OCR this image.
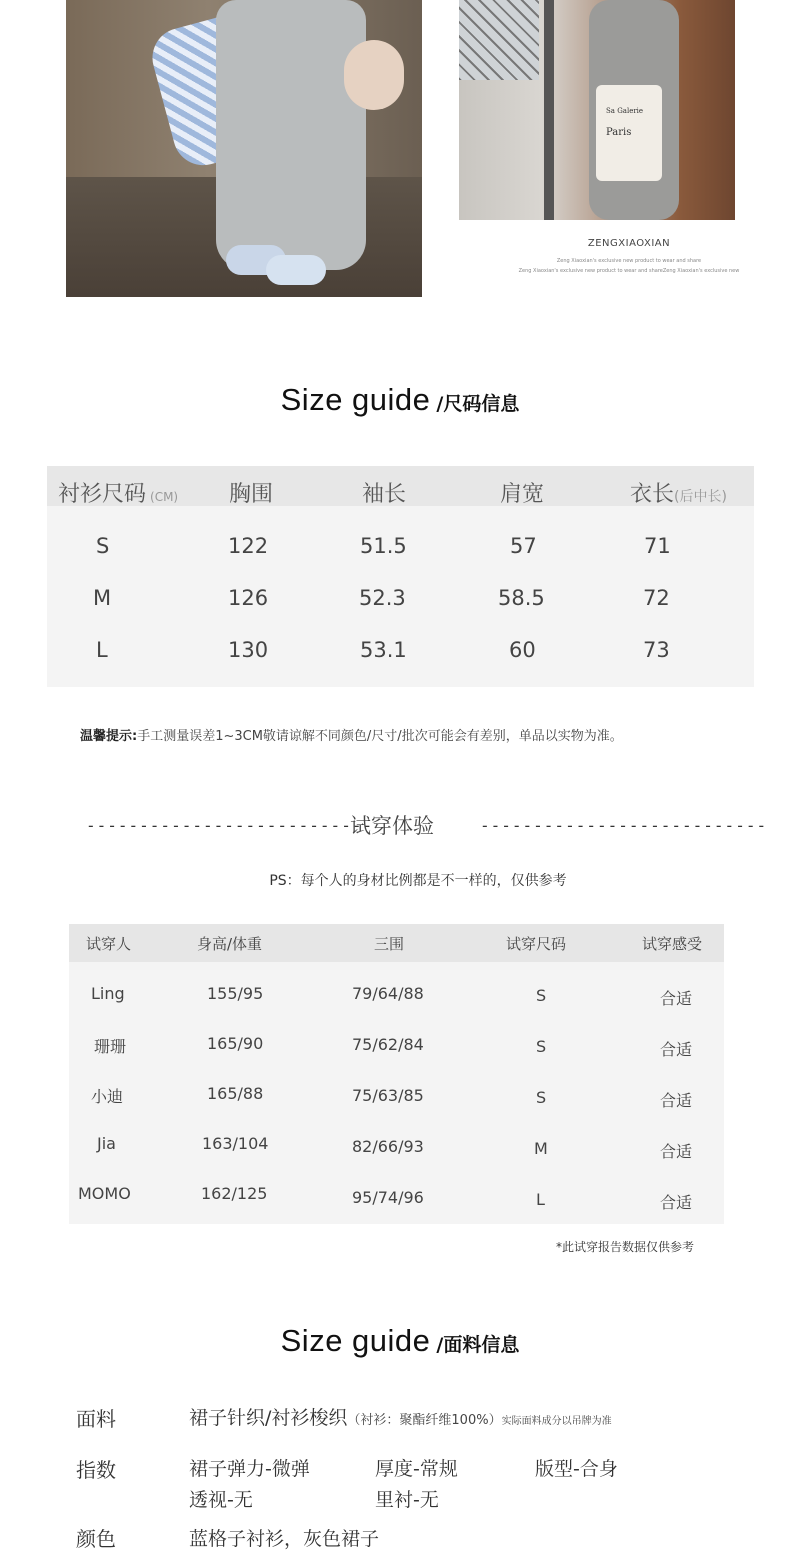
Sa Galerie
Paris
ZENGXIAOXIAN
Zeng Xiaoxian's exclusive new product to wear and share
Zeng Xiaoxian's exclusive new product to wear and shareZeng Xiaoxian's exclusive new
Size guide /尺码信息
衬衫尺码 (CM) 胸围	袖长	肩宽	衣长(后中长)
S	122	51.5	57	71
M	126	52.3	58.5	72
L	130	53.1	60	73
温馨提示:手工测量误差1~3CM敬请谅解不同颜色/尺寸/批次可能会有差别，单品以实物为准。
---------------------------
试穿体验	---------------------------
PS：每个人的身材比例都是不一样的，仅供参考
试穿人	身高/体重	三围	试穿尺码	试穿感受
Ling	155/95	79/64/88	S	合适
珊珊	165/90	75/62/84	S	合适
小迪	165/88	75/63/85	S	合适
Jia	163/104	82/66/93	M	合适
MOMO	162/125	95/74/96	L	合适
*此试穿报告数据仅供参考
Size guide /面料信息
面料	裙子针织/衬衫梭织（衬衫：聚酯纤维100%）实际面料成分以吊牌为准
指数	裙子弹力-微弹	厚度-常规	版型-合身
透视-无	里衬-无
颜色	蓝格子衬衫，灰色裙子
